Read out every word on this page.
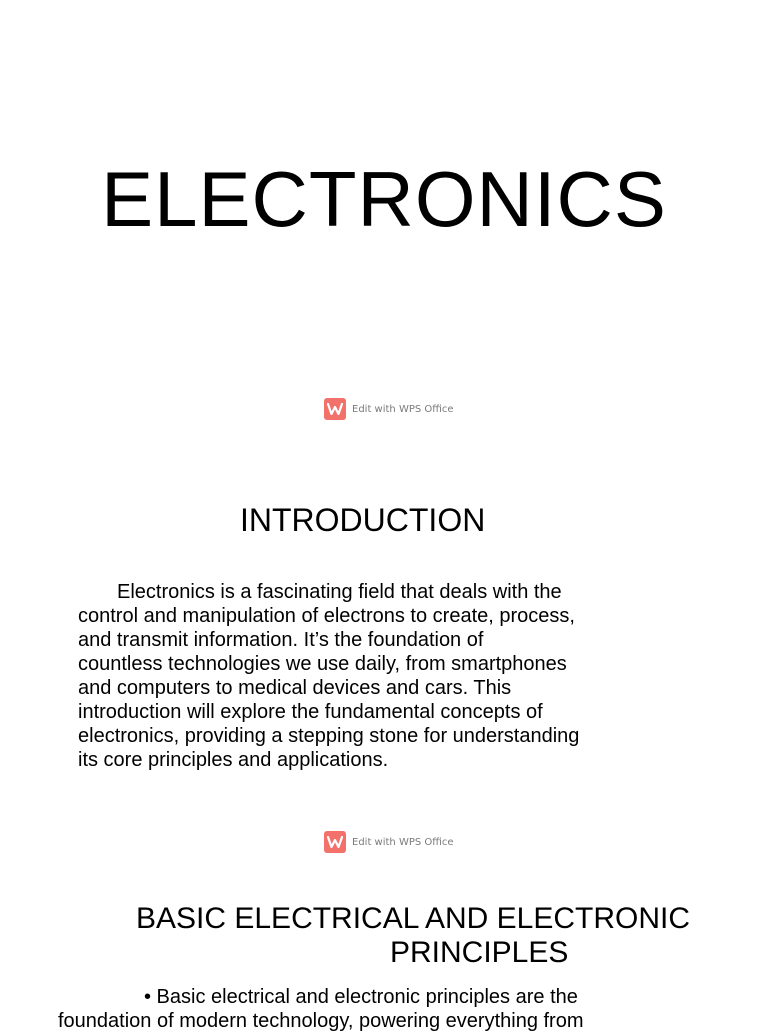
ELECTRONICS
Edit with WPS Office
INTRODUCTION

Electronics is a fascinating field that deals with the
control and manipulation of electrons to create, process,
and transmit information. It’s the foundation of
countless technologies we use daily, from smartphones
and computers to medical devices and cars. This
introduction will explore the fundamental concepts of
electronics, providing a stepping stone for understanding
its core principles and applications.

Edit with WPS Office
BASIC ELECTRICAL AND ELECTRONIC
PRINCIPLES
• Basic electrical and electronic principles are the
foundation of modern technology, powering everything from
